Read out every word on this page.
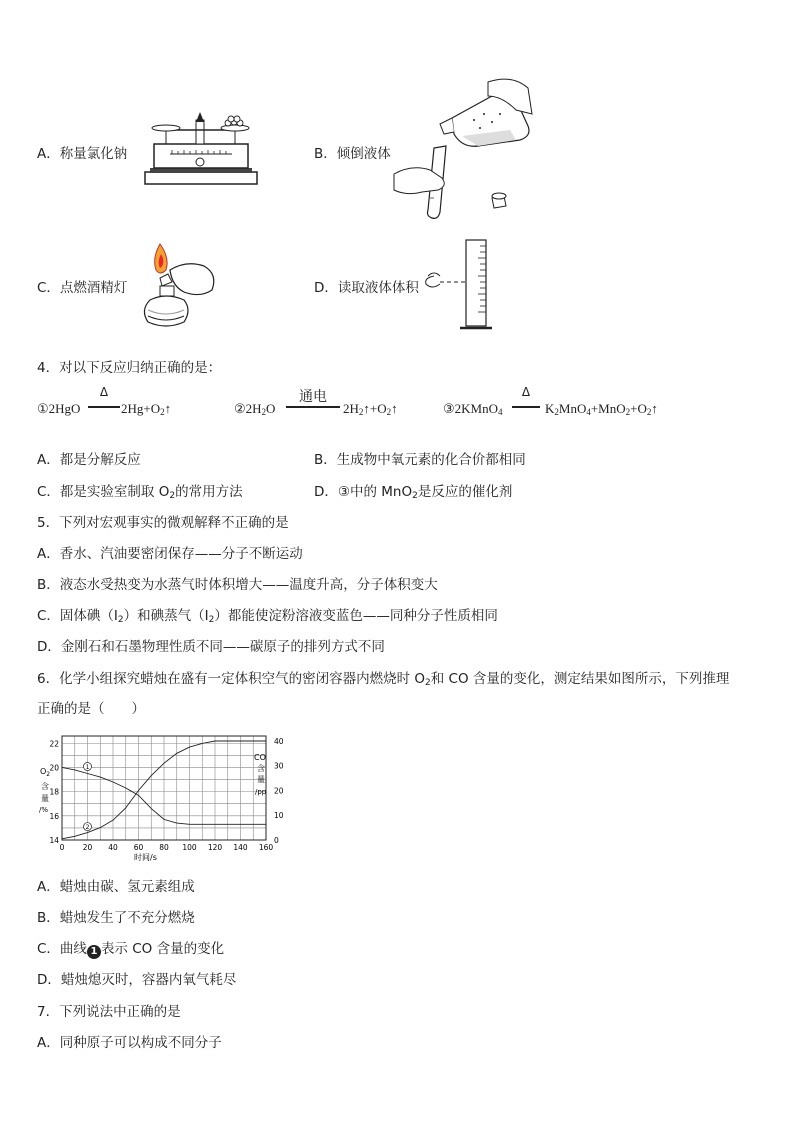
A．称量氯化钠	B．倾倒液体
C．点燃酒精灯	D．读取液体体积
4．对以下反应归纳正确的是：
①2HgO
Δ
$2Hg+O_2↑$	$②2H_2O$
通电
$2H_2↑+O_2↑$	③2KMnO$_4$
Δ
$K_2MnO_4+MnO_2+O_2↑$
A．都是分解反应	B．生成物中氧元素的化合价都相同
C．都是实验室制取 $O_2$的常用方法	D．③中的 MnO$_2$是反应的催化剂
5．下列对宏观事实的微观解释不正确的是
A．香水、汽油要密闭保存——分子不断运动
B．液态水受热变为水蒸气时体积增大——温度升高，分子体积变大
C．固体碘$(I_2)$和碘蒸气$(I_2)$都能使淀粉溶液变蓝色——同种分子性质相同
D．金刚石和石墨物理性质不同——碳原子的排列方式不同
6．化学小组探究蜡烛在盛有一定体积空气的密闭容器内燃烧时 $O_2$和 CO 含量的变化，测定结果如图所示，下列推理
正确的是（　　）
0 20 40 60 80 100 120 140 160
14
16
18
20
22
0
10
20
30
40
1
2
$O_2$
含
量
/%
CO
含
量
/pp
时间/s
A．蜡烛由碳、氢元素组成
B．蜡烛发生了不充分燃烧
C．曲线 1 表示 CO 含量的变化
D．蜡烛熄灭时，容器内氧气耗尽
7．下列说法中正确的是
A．同种原子可以构成不同分子
